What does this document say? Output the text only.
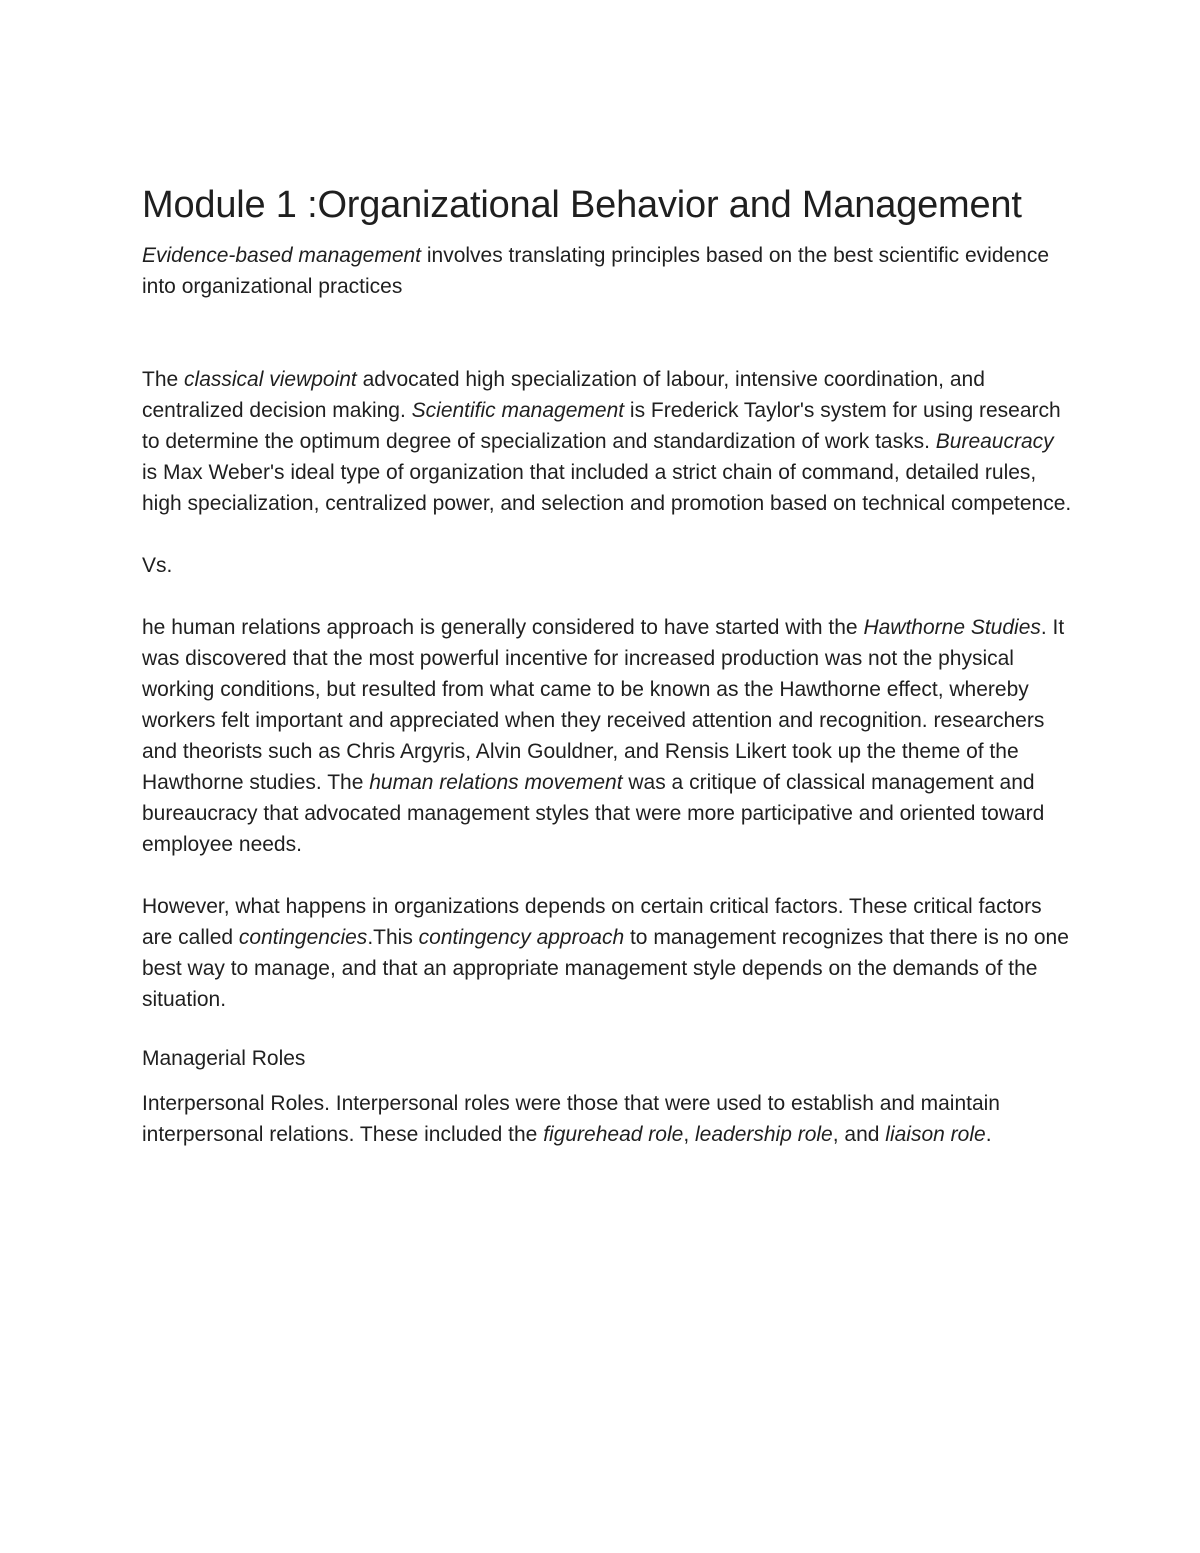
Module 1 :Organizational Behavior and Management

Evidence-based management involves translating principles based on the best scientific evidence into organizational practices

The classical viewpoint advocated high specialization of labour, intensive coordination, and centralized decision making. Scientific management is Frederick Taylor's system for using research to determine the optimum degree of specialization and standardization of work tasks. Bureaucracy is Max Weber's ideal type of organization that included a strict chain of command, detailed rules, high specialization, centralized power, and selection and promotion based on technical competence.

Vs.

he human relations approach is generally considered to have started with the Hawthorne Studies. It was discovered that the most powerful incentive for increased production was not the physical working conditions, but resulted from what came to be known as the Hawthorne effect, whereby workers felt important and appreciated when they received attention and recognition. researchers and theorists such as Chris Argyris, Alvin Gouldner, and Rensis Likert took up the theme of the Hawthorne studies. The human relations movement was a critique of classical management and bureaucracy that advocated management styles that were more participative and oriented toward employee needs.

However, what happens in organizations depends on certain critical factors. These critical factors are called contingencies.This contingency approach to management recognizes that there is no one best way to manage, and that an appropriate management style depends on the demands of the situation.

Managerial Roles

Interpersonal Roles. Interpersonal roles were those that were used to establish and maintain interpersonal relations. These included the figurehead role, leadership role, and liaison role.
